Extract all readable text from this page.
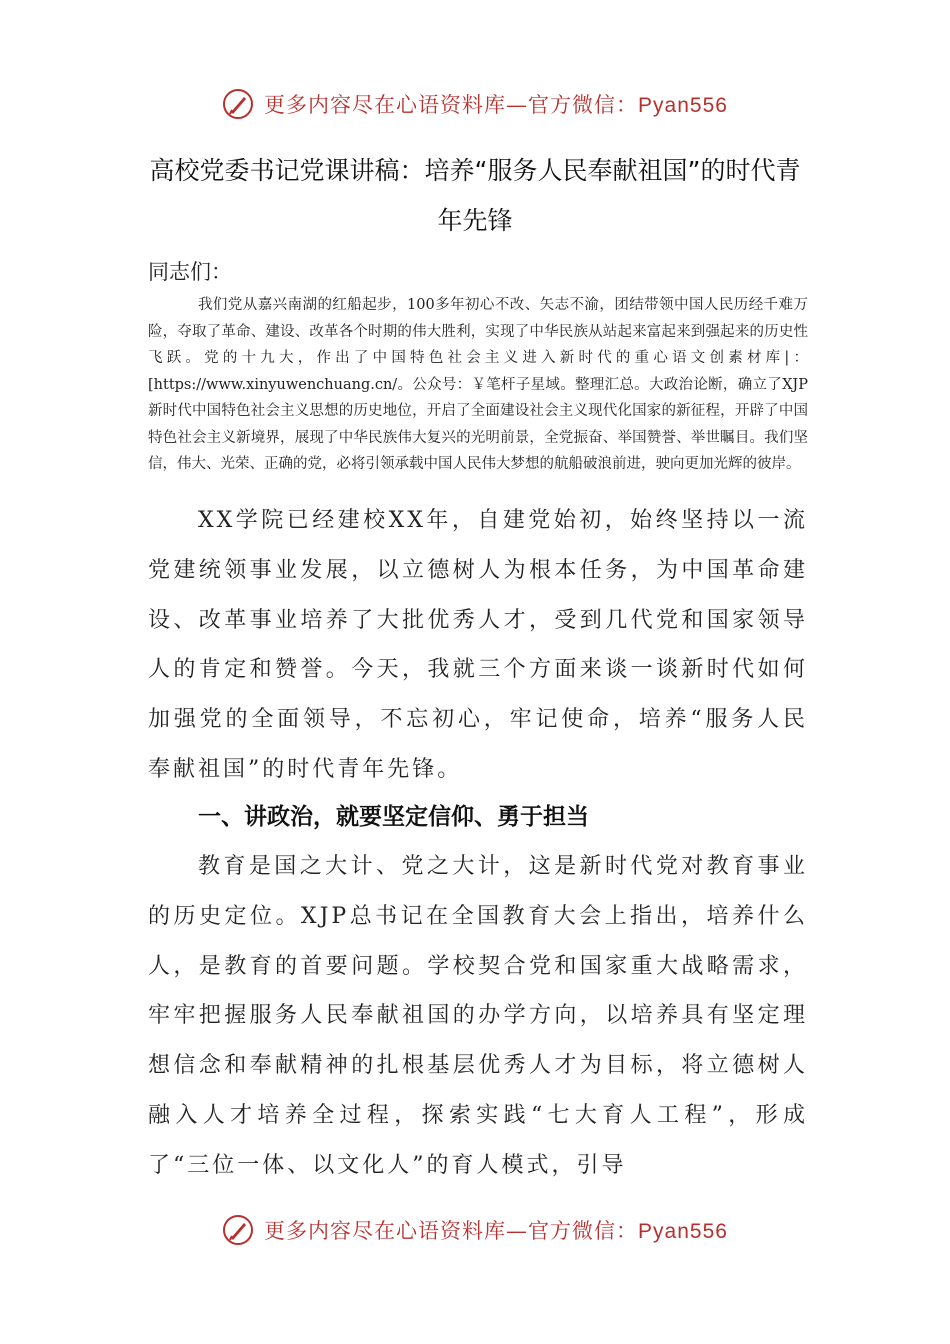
更多内容尽在心语资料库—官方微信：Pyan556
高校党委书记党课讲稿：培养“服务人民奉献祖国”的时代青年先锋
同志们：
我们党从嘉兴南湖的红船起步，100多年初心不改、矢志不渝，团结带领中国人民历经千难万险，夺取了革命、建设、改革各个时期的伟大胜利，实现了中华民族从站起来富起来到强起来的历史性飞跃。党的十九大，作出了中国特色社会主义进入新时代的重心语文创素材库|：[https://www.xinyuwenchuang.cn/。公众号：￥笔杆子星域。整理汇总。大政治论断，确立了XJP新时代中国特色社会主义思想的历史地位，开启了全面建设社会主义现代化国家的新征程，开辟了中国特色社会主义新境界，展现了中华民族伟大复兴的光明前景，全党振奋、举国赞誉、举世瞩目。我们坚信，伟大、光荣、正确的党，必将引领承载中国人民伟大梦想的航船破浪前进，驶向更加光辉的彼岸。
XX学院已经建校XX年，自建党始初，始终坚持以一流党建统领事业发展，以立德树人为根本任务，为中国革命建设、改革事业培养了大批优秀人才，受到几代党和国家领导人的肯定和赞誉。今天，我就三个方面来谈一谈新时代如何加强党的全面领导，不忘初心，牢记使命，培养“服务人民奉献祖国”的时代青年先锋。
一、讲政治，就要坚定信仰、勇于担当
教育是国之大计、党之大计，这是新时代党对教育事业的历史定位。XJP总书记在全国教育大会上指出，培养什么人，是教育的首要问题。学校契合党和国家重大战略需求，牢牢把握服务人民奉献祖国的办学方向，以培养具有坚定理想信念和奉献精神的扎根基层优秀人才为目标，将立德树人融入人才培养全过程，探索实践“七大育人工程”，形成了“三位一体、以文化人”的育人模式，引导
更多内容尽在心语资料库—官方微信：Pyan556
